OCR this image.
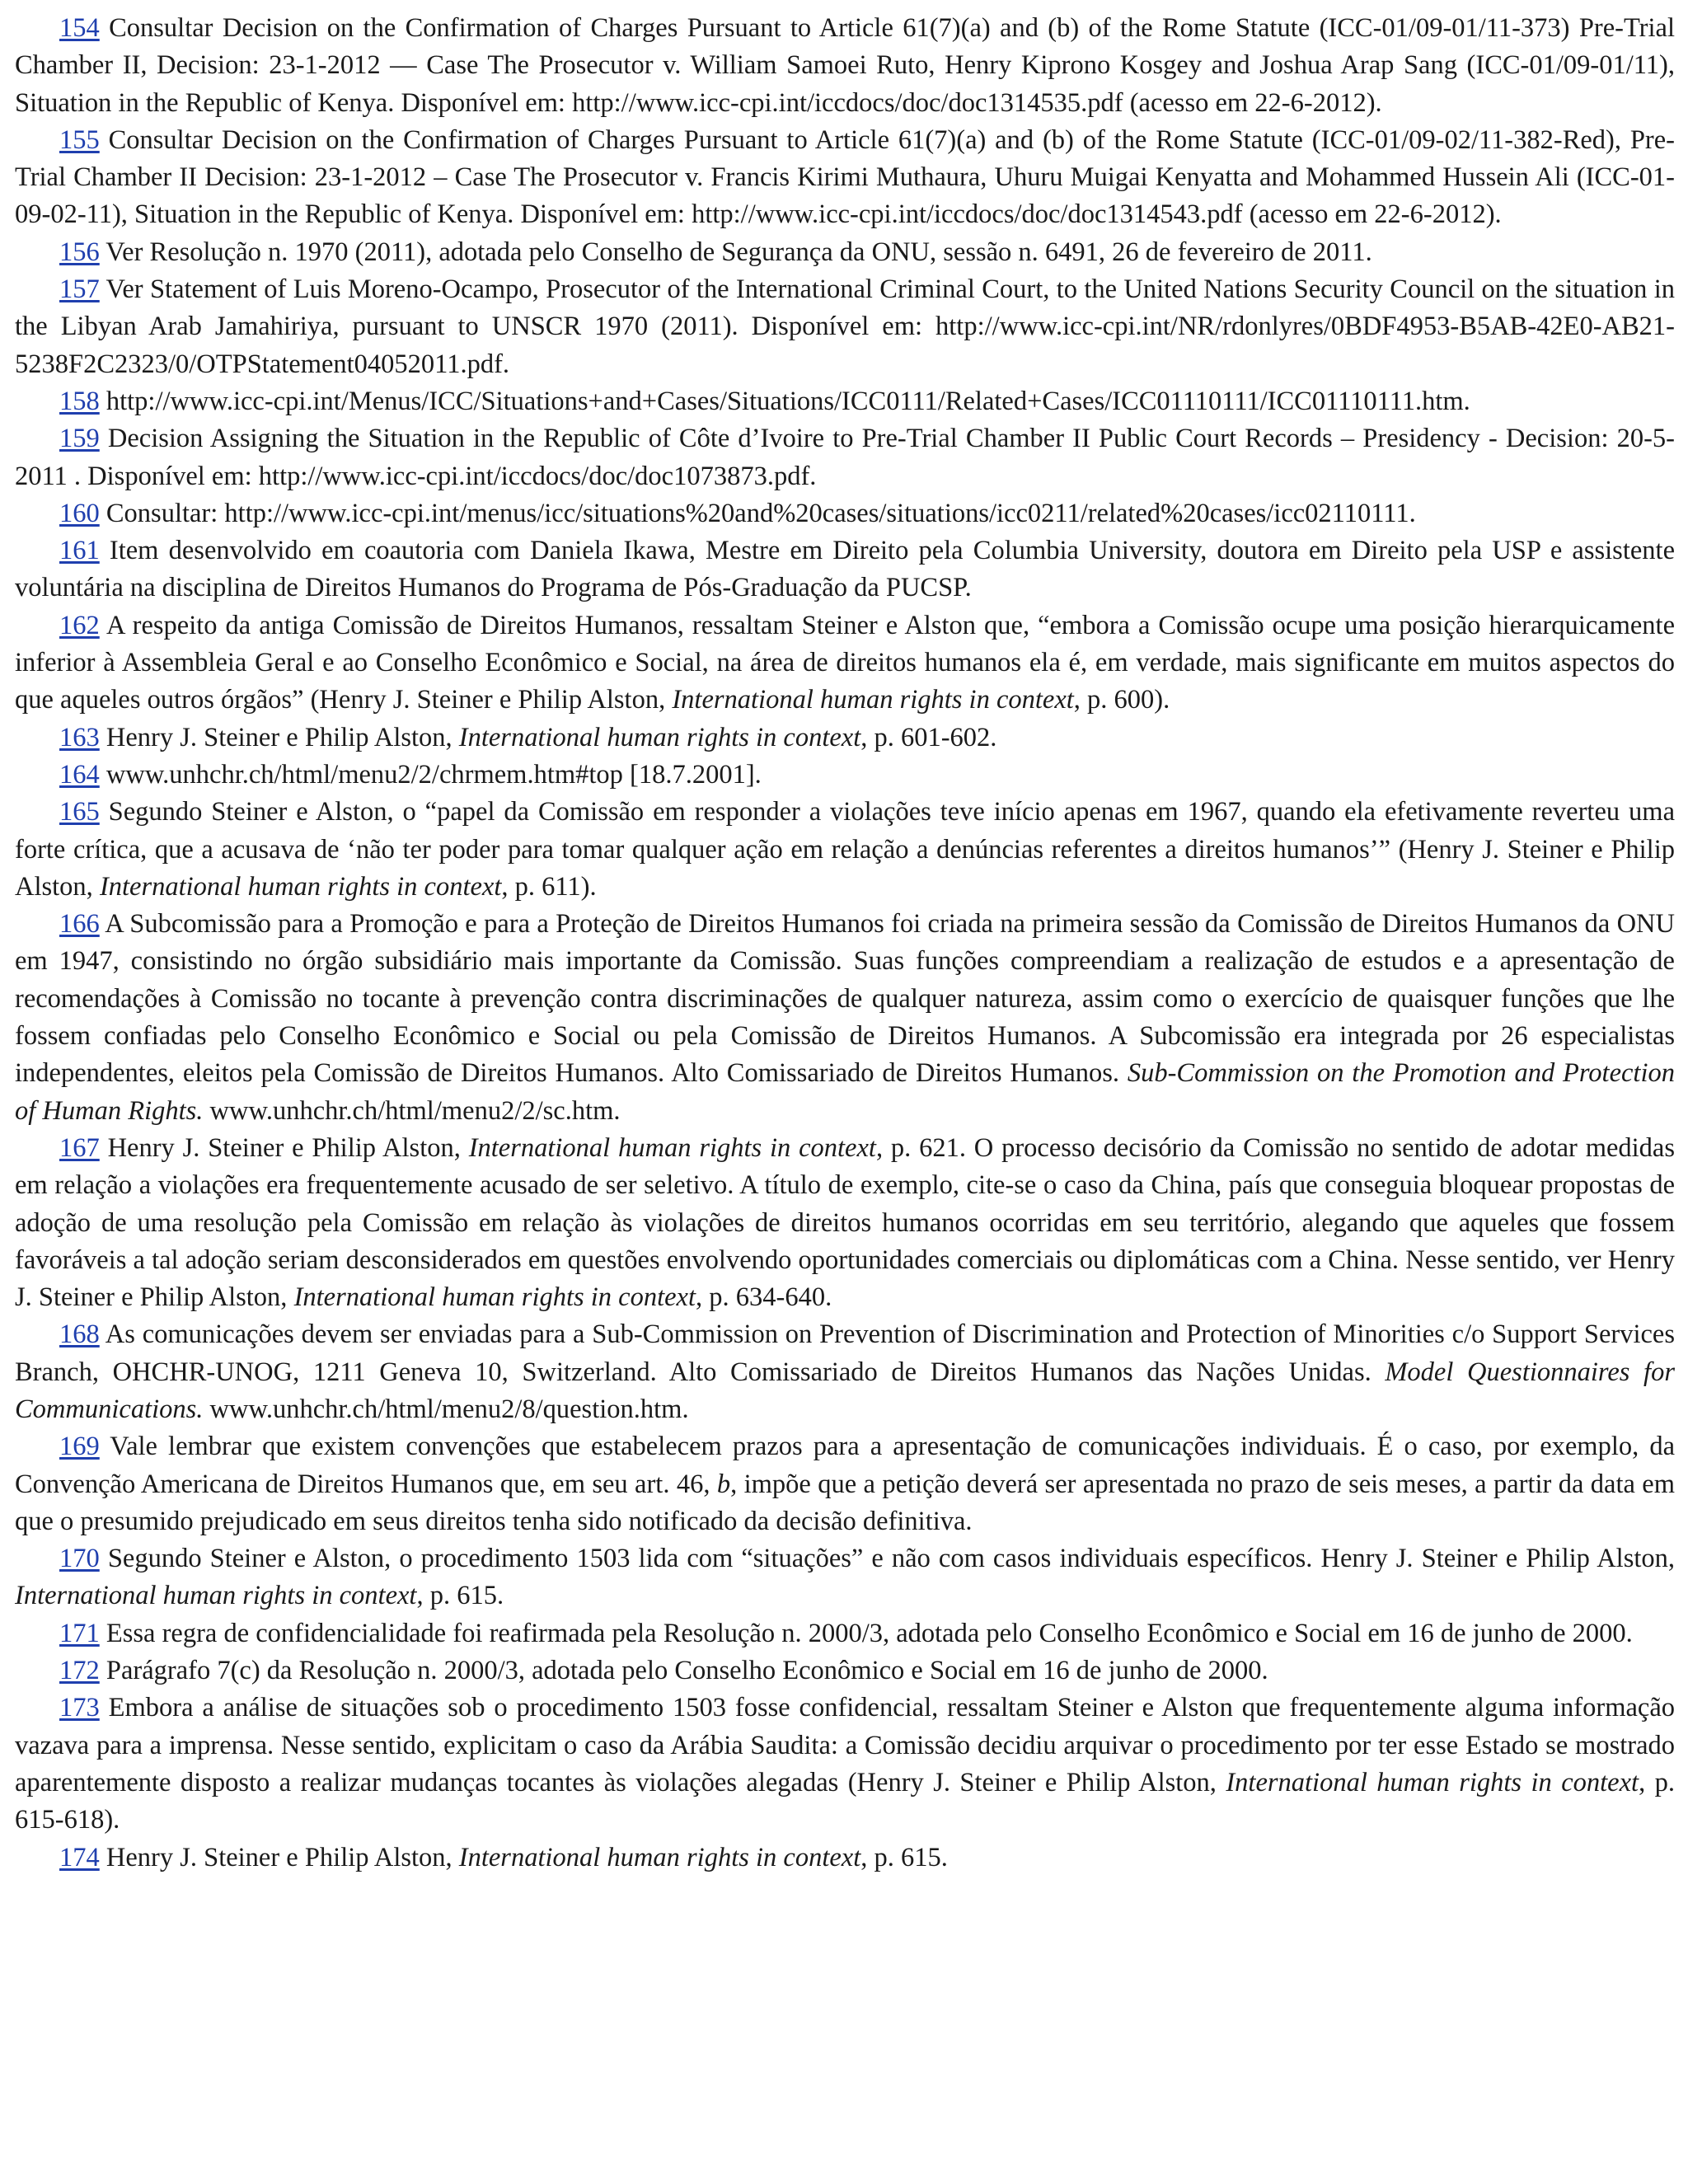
154 Consultar Decision on the Confirmation of Charges Pursuant to Article 61(7)(a) and (b) of the Rome Statute (ICC-01/09-01/11-373) Pre-Trial Chamber II, Decision: 23-1-2012 — Case The Prosecutor v. William Samoei Ruto, Henry Kiprono Kosgey and Joshua Arap Sang (ICC-01/09-01/11), Situation in the Republic of Kenya. Disponível em: http://www.icc-cpi.int/iccdocs/doc/doc1314535.pdf (acesso em 22-6-2012).

155 Consultar Decision on the Confirmation of Charges Pursuant to Article 61(7)(a) and (b) of the Rome Statute (ICC-01/09-02/11-382-Red), Pre-Trial Chamber II Decision: 23-1-2012 – Case The Prosecutor v. Francis Kirimi Muthaura, Uhuru Muigai Kenyatta and Mohammed Hussein Ali (ICC-01-09-02-11), Situation in the Republic of Kenya. Disponível em: http://www.icc-cpi.int/iccdocs/doc/doc1314543.pdf (acesso em 22-6-2012).

156 Ver Resolução n. 1970 (2011), adotada pelo Conselho de Segurança da ONU, sessão n. 6491, 26 de fevereiro de 2011.

157 Ver Statement of Luis Moreno-Ocampo, Prosecutor of the International Criminal Court, to the United Nations Security Council on the situation in the Libyan Arab Jamahiriya, pursuant to UNSCR 1970 (2011). Disponível em: http://www.icc-cpi.int/NR/rdonlyres/0BDF4953-B5AB-42E0-AB21-5238F2C2323/0/OTPStatement04052011.pdf.

158 http://www.icc-cpi.int/Menus/ICC/Situations+and+Cases/Situations/ICC0111/Related+Cases/ICC01110111/ICC01110111.htm.

159 Decision Assigning the Situation in the Republic of Côte d’Ivoire to Pre-Trial Chamber II Public Court Records – Presidency - Decision: 20-5-2011 . Disponível em: http://www.icc-cpi.int/iccdocs/doc/doc1073873.pdf.

160 Consultar: http://www.icc-cpi.int/menus/icc/situations%20and%20cases/situations/icc0211/related%20cases/icc02110111.

161 Item desenvolvido em coautoria com Daniela Ikawa, Mestre em Direito pela Columbia University, doutora em Direito pela USP e assistente voluntária na disciplina de Direitos Humanos do Programa de Pós-Graduação da PUCSP.

162 A respeito da antiga Comissão de Direitos Humanos, ressaltam Steiner e Alston que, “embora a Comissão ocupe uma posição hierarquicamente inferior à Assembleia Geral e ao Conselho Econômico e Social, na área de direitos humanos ela é, em verdade, mais significante em muitos aspectos do que aqueles outros órgãos” (Henry J. Steiner e Philip Alston, International human rights in context, p. 600).

163 Henry J. Steiner e Philip Alston, International human rights in context, p. 601-602.

164 www.unhchr.ch/html/menu2/2/chrmem.htm#top [18.7.2001].

165 Segundo Steiner e Alston, o “papel da Comissão em responder a violações teve início apenas em 1967, quando ela efetivamente reverteu uma forte crítica, que a acusava de ‘não ter poder para tomar qualquer ação em relação a denúncias referentes a direitos humanos’” (Henry J. Steiner e Philip Alston, International human rights in context, p. 611).

166 A Subcomissão para a Promoção e para a Proteção de Direitos Humanos foi criada na primeira sessão da Comissão de Direitos Humanos da ONU em 1947, consistindo no órgão subsidiário mais importante da Comissão. Suas funções compreendiam a realização de estudos e a apresentação de recomendações à Comissão no tocante à prevenção contra discriminações de qualquer natureza, assim como o exercício de quaisquer funções que lhe fossem confiadas pelo Conselho Econômico e Social ou pela Comissão de Direitos Humanos. A Subcomissão era integrada por 26 especialistas independentes, eleitos pela Comissão de Direitos Humanos. Alto Comissariado de Direitos Humanos. Sub-Commission on the Promotion and Protection of Human Rights. www.unhchr.ch/html/menu2/2/sc.htm.

167 Henry J. Steiner e Philip Alston, International human rights in context, p. 621. O processo decisório da Comissão no sentido de adotar medidas em relação a violações era frequentemente acusado de ser seletivo. A título de exemplo, cite-se o caso da China, país que conseguia bloquear propostas de adoção de uma resolução pela Comissão em relação às violações de direitos humanos ocorridas em seu território, alegando que aqueles que fossem favoráveis a tal adoção seriam desconsiderados em questões envolvendo oportunidades comerciais ou diplomáticas com a China. Nesse sentido, ver Henry J. Steiner e Philip Alston, International human rights in context, p. 634-640.

168 As comunicações devem ser enviadas para a Sub-Commission on Prevention of Discrimination and Protection of Minorities c/o Support Services Branch, OHCHR-UNOG, 1211 Geneva 10, Switzerland. Alto Comissariado de Direitos Humanos das Nações Unidas. Model Questionnaires for Communications. www.unhchr.ch/html/menu2/8/question.htm.

169 Vale lembrar que existem convenções que estabelecem prazos para a apresentação de comunicações individuais. É o caso, por exemplo, da Convenção Americana de Direitos Humanos que, em seu art. 46, b, impõe que a petição deverá ser apresentada no prazo de seis meses, a partir da data em que o presumido prejudicado em seus direitos tenha sido notificado da decisão definitiva.

170 Segundo Steiner e Alston, o procedimento 1503 lida com “situações” e não com casos individuais específicos. Henry J. Steiner e Philip Alston, International human rights in context, p. 615.

171 Essa regra de confidencialidade foi reafirmada pela Resolução n. 2000/3, adotada pelo Conselho Econômico e Social em 16 de junho de 2000.

172 Parágrafo 7(c) da Resolução n. 2000/3, adotada pelo Conselho Econômico e Social em 16 de junho de 2000.

173 Embora a análise de situações sob o procedimento 1503 fosse confidencial, ressaltam Steiner e Alston que frequentemente alguma informação vazava para a imprensa. Nesse sentido, explicitam o caso da Arábia Saudita: a Comissão decidiu arquivar o procedimento por ter esse Estado se mostrado aparentemente disposto a realizar mudanças tocantes às violações alegadas (Henry J. Steiner e Philip Alston, International human rights in context, p. 615-618).

174 Henry J. Steiner e Philip Alston, International human rights in context, p. 615.
